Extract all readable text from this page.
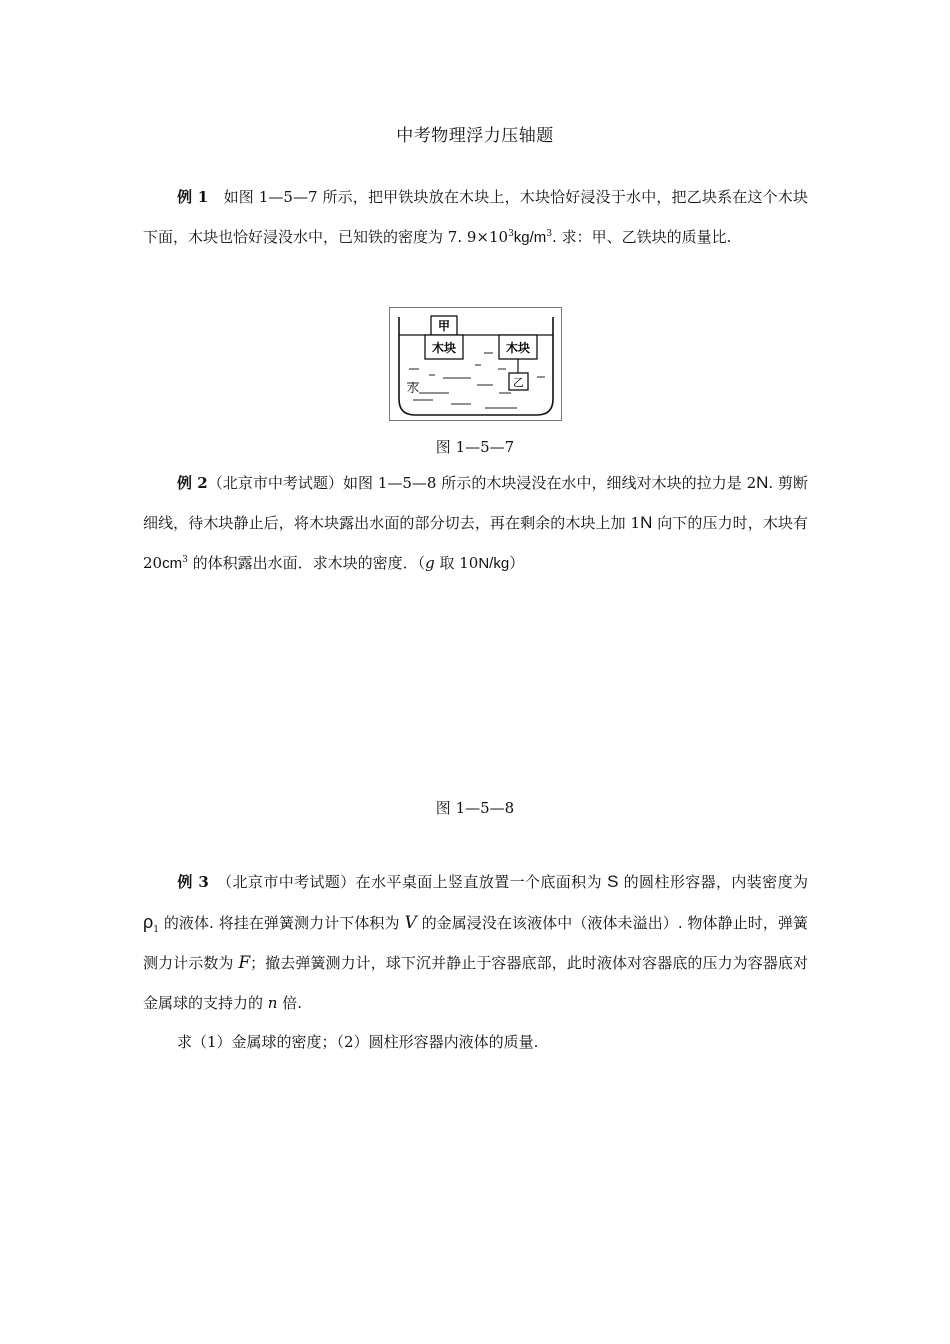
中考物理浮力压轴题
例 1　 如图 1—5—7 所示，把甲铁块放在木块上，木块恰好浸没于水中，把乙块系在这个木块下面，木块也恰好浸没水中，已知铁的密度为 7. $9\times 10^3kg/m^3$. 求：甲、乙铁块的质量比.
甲
木块	木块
乙
水
图 1—5—7
例 2（北京市中考试题）如图 1—5—8 所示的木块浸没在水中，细线对木块的拉力是 2N. 剪断细线，待木块静止后，将木块露出水面的部分切去，再在剩余的木块上加 1N 向下的压力时，木块有 $20cm^3$ 的体积露出水面．求木块的密度．（g 取 10N/kg）
图 1—5—8
例 3　 （北京市中考试题）在水平桌面上竖直放置一个底面积为 S 的圆柱形容器，内装密度为 $\rho_1$ 的液体. 将挂在弹簧测力计下体积为 V 的金属浸没在该液体中（液体未溢出）. 物体静止时，弹簧测力计示数为 F；撤去弹簧测力计，球下沉并静止于容器底部，此时液体对容器底的压力为容器底对金属球的支持力的 n 倍.
求（1）金属球的密度；（2）圆柱形容器内液体的质量.
